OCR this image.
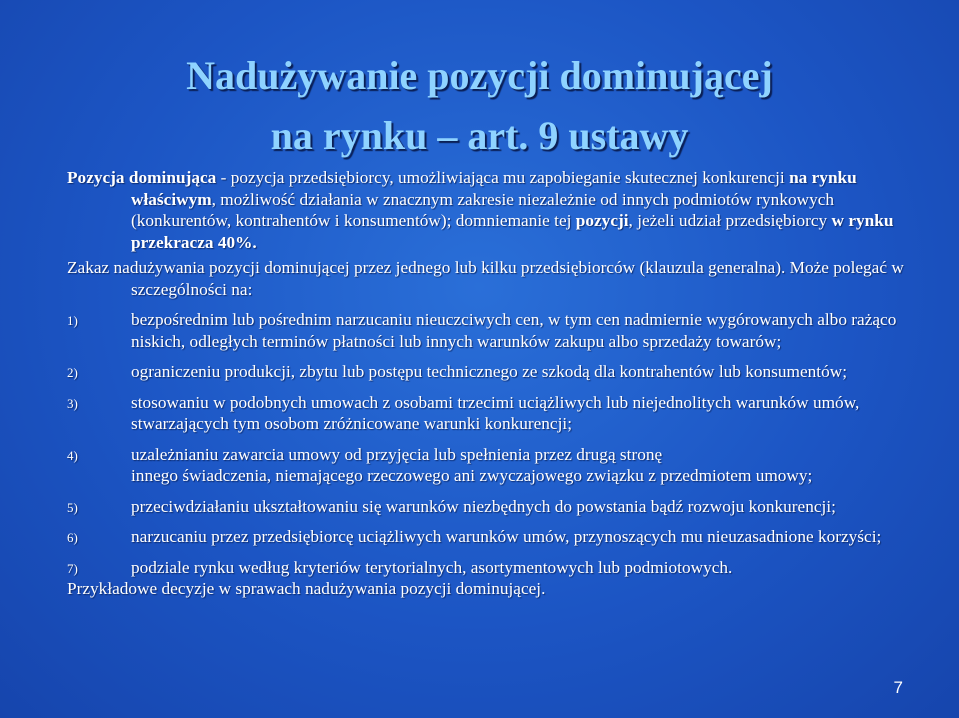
Nadużywanie pozycji dominującej
na rynku – art. 9 ustawy

Pozycja dominująca - pozycja przedsiębiorcy, umożliwiająca mu zapobieganie skutecznej konkurencji na rynku właściwym, możliwość działania w znacznym zakresie niezależnie od innych podmiotów rynkowych (konkurentów, kontrahentów i konsumentów); domniemanie tej pozycji, jeżeli udział przedsiębiorcy w rynku przekracza 40%.

Zakaz nadużywania pozycji dominującej przez jednego lub kilku przedsiębiorców (klauzula generalna). Może polegać w szczególności na:

1)	bezpośrednim lub pośrednim narzucaniu nieuczciwych cen, w tym cen nadmiernie wygórowanych albo rażąco niskich, odległych terminów płatności lub innych warunków zakupu albo sprzedaży towarów;
2)	ograniczeniu produkcji, zbytu lub postępu technicznego ze szkodą dla kontrahentów lub konsumentów;
3)	stosowaniu w podobnych umowach z osobami trzecimi uciążliwych lub niejednolitych warunków umów, stwarzających tym osobom zróżnicowane warunki konkurencji;
4)	uzależnianiu zawarcia umowy od przyjęcia lub spełnienia przez drugą stronę
innego świadczenia, niemającego rzeczowego ani zwyczajowego związku z przedmiotem umowy;
5)	przeciwdziałaniu ukształtowaniu się warunków niezbędnych do powstania bądź rozwoju konkurencji;
6)	narzucaniu przez przedsiębiorcę uciążliwych warunków umów, przynoszących mu nieuzasadnione korzyści;
7)	podziale rynku według kryteriów terytorialnych, asortymentowych lub podmiotowych.

Przykładowe decyzje w sprawach nadużywania pozycji dominującej.

7
